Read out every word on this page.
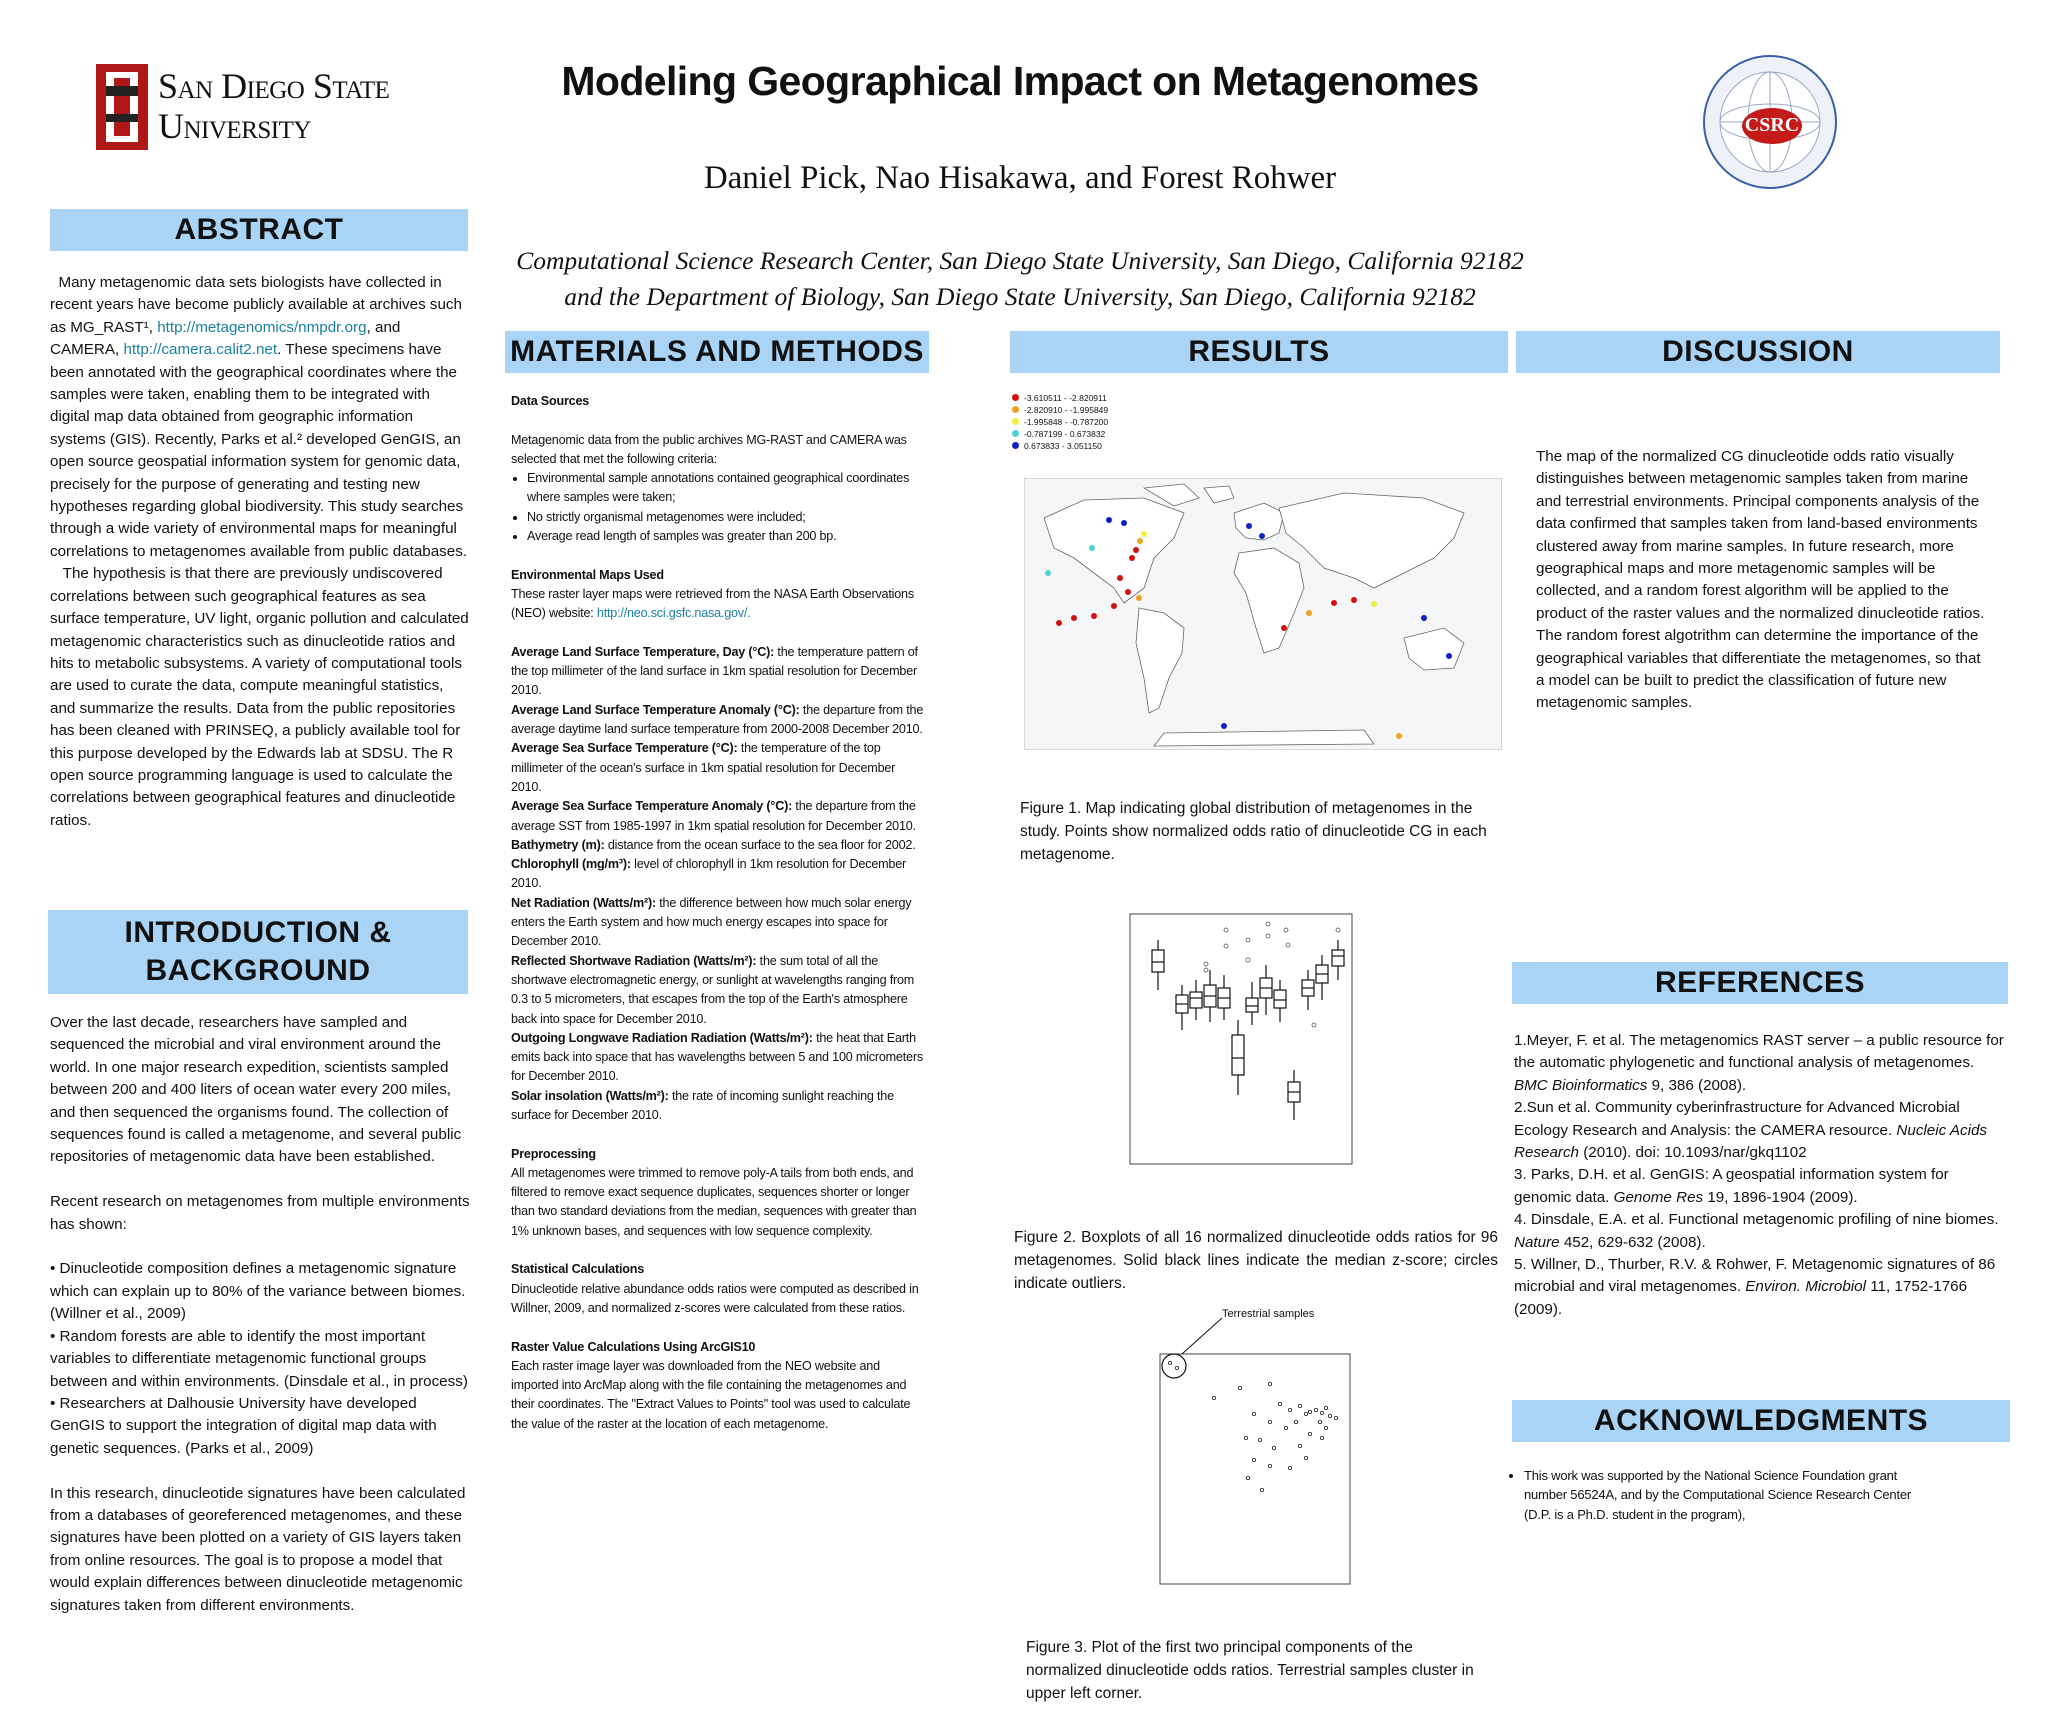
San Diego State
University
Modeling Geographical Impact on Metagenomes
Daniel Pick, Nao Hisakawa, and Forest Rohwer
Computational Science Research Center, San Diego State University, San Diego, California 92182
and the Department of Biology, San Diego State University, San Diego, California 92182
CSRC
ABSTRACT

Many metagenomic data sets biologists have collected in recent years have become publicly available at archives such as MG_RAST¹, http://metagenomics/nmpdr.org, and CAMERA, http://camera.calit2.net. These specimens have been annotated with the geographical coordinates where the samples were taken, enabling them to be integrated with digital map data obtained from geographic information systems (GIS). Recently, Parks et al.² developed GenGIS, an open source geospatial information system for genomic data, precisely for the purpose of generating and testing new hypotheses regarding global biodiversity. This study searches through a wide variety of environmental maps for meaningful correlations to metagenomes available from public databases.

The hypothesis is that there are previously undiscovered correlations between such geographical features as sea surface temperature, UV light, organic pollution and calculated metagenomic characteristics such as dinucleotide ratios and hits to metabolic subsystems. A variety of computational tools are used to curate the data, compute meaningful statistics, and summarize the results. Data from the public repositories has been cleaned with PRINSEQ, a publicly available tool for this purpose developed by the Edwards lab at SDSU. The R open source programming language is used to calculate the correlations between geographical features and dinucleotide ratios.

INTRODUCTION &
BACKGROUND

Over the last decade, researchers have sampled and sequenced the microbial and viral environment around the world. In one major research expedition, scientists sampled between 200 and 400 liters of ocean water every 200 miles, and then sequenced the organisms found. The collection of sequences found is called a metagenome, and several public repositories of metagenomic data have been established.

Recent research on metagenomes from multiple environments has shown:

• Dinucleotide composition defines a metagenomic signature which can explain up to 80% of the variance between biomes.(Willner et al., 2009)

• Random forests are able to identify the most important variables to differentiate metagenomic functional groups between and within environments. (Dinsdale et al., in process)

• Researchers at Dalhousie University have developed GenGIS to support the integration of digital map data with genetic sequences. (Parks et al., 2009)

In this research, dinucleotide signatures have been calculated from a databases of georeferenced metagenomes, and these signatures have been plotted on a variety of GIS layers taken from online resources. The goal is to propose a model that would explain differences between dinucleotide metagenomic signatures taken from different environments.

MATERIALS AND METHODS

Data Sources

Metagenomic data from the public archives MG-RAST and CAMERA was selected that met the following criteria:

• Environmental sample annotations contained geographical coordinates where samples were taken;
• No strictly organismal metagenomes were included;
• Average read length of samples was greater than 200 bp.

Environmental Maps Used

These raster layer maps were retrieved from the NASA Earth Observations (NEO) website: http://neo.sci.gsfc.nasa.gov/.

Average Land Surface Temperature, Day (°C): the temperature pattern of the top millimeter of the land surface in 1km spatial resolution for December 2010.

Average Land Surface Temperature Anomaly (°C): the departure from the average daytime land surface temperature from 2000-2008 December 2010.

Average Sea Surface Temperature (°C): the temperature of the top millimeter of the ocean's surface in 1km spatial resolution for December 2010.

Average Sea Surface Temperature Anomaly (°C): the departure from the average SST from 1985-1997 in 1km spatial resolution for December 2010.

Bathymetry (m): distance from the ocean surface to the sea floor for 2002.

Chlorophyll (mg/m³): level of chlorophyll in 1km resolution for December 2010.

Net Radiation (Watts/m²): the difference between how much solar energy enters the Earth system and how much energy escapes into space for December 2010.

Reflected Shortwave Radiation (Watts/m²): the sum total of all the shortwave electromagnetic energy, or sunlight at wavelengths ranging from 0.3 to 5 micrometers, that escapes from the top of the Earth's atmosphere back into space for December 2010.

Outgoing Longwave Radiation Radiation (Watts/m²): the heat that Earth emits back into space that has wavelengths between 5 and 100 micrometers for December 2010.

Solar insolation (Watts/m²): the rate of incoming sunlight reaching the surface for December 2010.

Preprocessing

All metagenomes were trimmed to remove poly-A tails from both ends, and filtered to remove exact sequence duplicates, sequences shorter or longer than two standard deviations from the median, sequences with greater than 1% unknown bases, and sequences with low sequence complexity.

Statistical Calculations

Dinucleotide relative abundance odds ratios were computed as described in Willner, 2009, and normalized z-scores were calculated from these ratios.

Raster Value Calculations Using ArcGIS10

Each raster image layer was downloaded from the NEO website and imported into ArcMap along with the file containing the metagenomes and their coordinates. The "Extract Values to Points" tool was used to calculate the value of the raster at the location of each metagenome.

RESULTS
-3.610511 - -2.820911
-2.820910 - -1.995849
-1.995848 - -0.787200
-0.787199 - 0.673832
0.673833 - 3.051150
Figure 1. Map indicating global distribution of metagenomes in the study. Points show normalized odds ratio of dinucleotide CG in each metagenome.
Figure 2. Boxplots of all 16 normalized dinucleotide odds ratios for 96 metagenomes. Solid black lines indicate the median z-score; circles indicate outliers.
Terrestrial samples
Figure 3. Plot of the first two principal components of the normalized dinucleotide odds ratios. Terrestrial samples cluster in upper left corner.
DISCUSSION
The map of the normalized CG dinucleotide odds ratio visually distinguishes between metagenomic samples taken from marine and terrestrial environments. Principal components analysis of the data confirmed that samples taken from land-based environments clustered away from marine samples. In future research, more geographical maps and more metagenomic samples will be collected, and a random forest algorithm will be applied to the product of the raster values and the normalized dinucleotide ratios. The random forest algotrithm can determine the importance of the geographical variables that differentiate the metagenomes, so that a model can be built to predict the classification of future new metagenomic samples.
REFERENCES

1.Meyer, F. et al. The metagenomics RAST server – a public resource for the automatic phylogenetic and functional analysis of metagenomes. BMC Bioinformatics 9, 386 (2008).

2.Sun et al. Community cyberinfrastructure for Advanced Microbial Ecology Research and Analysis: the CAMERA resource. Nucleic Acids Research (2010). doi: 10.1093/nar/gkq1102

3. Parks, D.H. et al. GenGIS: A geospatial information system for genomic data. Genome Res 19, 1896-1904 (2009).

4. Dinsdale, E.A. et al. Functional metagenomic profiling of nine biomes. Nature 452, 629-632 (2008).

5. Willner, D., Thurber, R.V. & Rohwer, F. Metagenomic signatures of 86 microbial and viral metagenomes. Environ. Microbiol 11, 1752-1766 (2009).

ACKNOWLEDGMENTS
• This work was supported by the National Science Foundation grant number 56524A, and by the Computational Science Research Center (D.P. is a Ph.D. student in the program),
